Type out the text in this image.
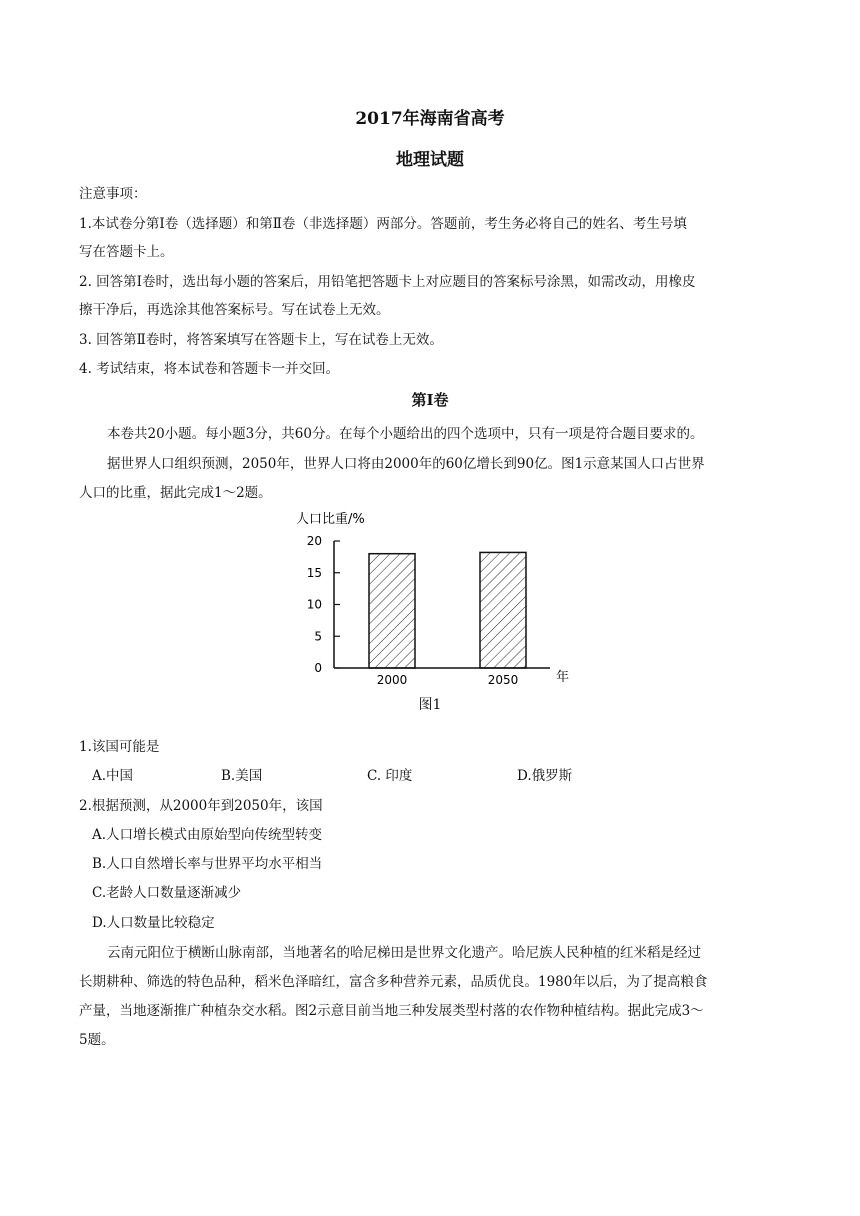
2017年海南省高考
地理试题

注意事项：

1.本试卷分第Ⅰ卷（选择题）和第Ⅱ卷（非选择题）两部分。答题前，考生务必将自己的姓名、考生号填

写在答题卡上。

2. 回答第Ⅰ卷时，选出每小题的答案后，用铅笔把答题卡上对应题目的答案标号涂黑，如需改动，用橡皮

擦干净后，再选涂其他答案标号。写在试卷上无效。

3. 回答第Ⅱ卷时，将答案填写在答题卡上，写在试卷上无效。

4. 考试结束，将本试卷和答题卡一并交回。

第Ⅰ卷

本卷共20小题。每小题3分，共60分。在每个小题给出的四个选项中，只有一项是符合题目要求的。

据世界人口组织预测，2050年，世界人口将由2000年的60亿增长到90亿。图1示意某国人口占世界

人口的比重，据此完成1～2题。

人口比重/%
0
5
10
15
20
2000	2050	年

图1

1.该国可能是

A.中国	B.美国	C. 印度	D.俄罗斯

2.根据预测，从2000年到2050年，该国

A.人口增长模式由原始型向传统型转变

B.人口自然增长率与世界平均水平相当

C.老龄人口数量逐渐减少

D.人口数量比较稳定

云南元阳位于横断山脉南部，当地著名的哈尼梯田是世界文化遗产。哈尼族人民种植的红米稻是经过

长期耕种、筛选的特色品种，稻米色泽暗红，富含多种营养元素，品质优良。1980年以后，为了提高粮食

产量，当地逐渐推广种植杂交水稻。图2示意目前当地三种发展类型村落的农作物种植结构。据此完成3～

5题。
